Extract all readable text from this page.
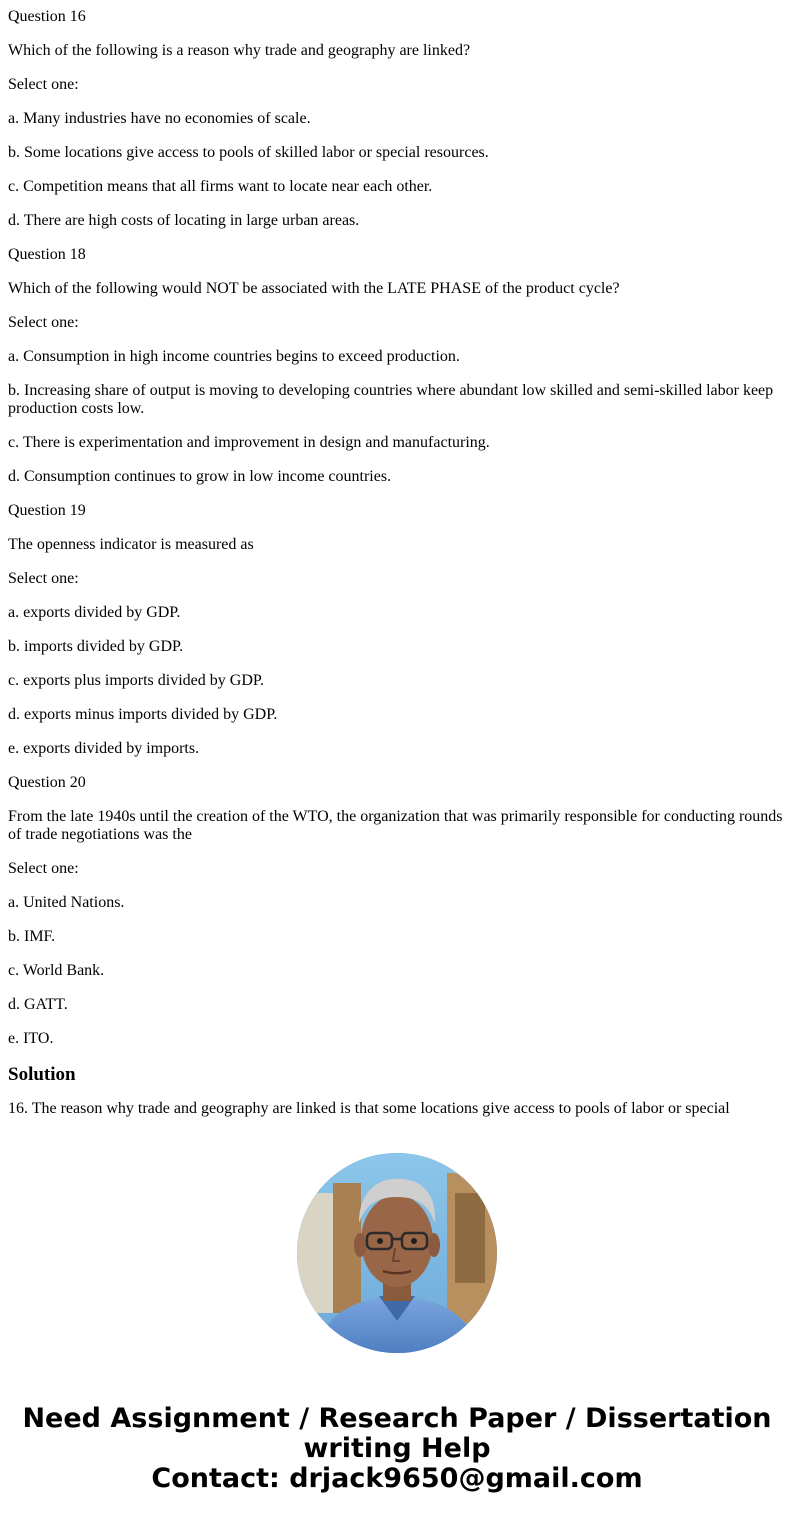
Question 16

Which of the following is a reason why trade and geography are linked?

Select one:

a. Many industries have no economies of scale.

b. Some locations give access to pools of skilled labor or special resources.

c. Competition means that all firms want to locate near each other.

d. There are high costs of locating in large urban areas.

Question 18

Which of the following would NOT be associated with the LATE PHASE of the product cycle?

Select one:

a. Consumption in high income countries begins to exceed production.

b. Increasing share of output is moving to developing countries where abundant low skilled and semi-skilled labor keep production costs low.

c. There is experimentation and improvement in design and manufacturing.

d. Consumption continues to grow in low income countries.

Question 19

The openness indicator is measured as

Select one:

a. exports divided by GDP.

b. imports divided by GDP.

c. exports plus imports divided by GDP.

d. exports minus imports divided by GDP.

e. exports divided by imports.

Question 20

From the late 1940s until the creation of the WTO, the organization that was primarily responsible for conducting rounds of trade negotiations was the

Select one:

a. United Nations.

b. IMF.

c. World Bank.

d. GATT.

e. ITO.

Solution

16. The reason why trade and geography are linked is that some locations give access to pools of labor or special

Need Assignment / Research Paper / Dissertation
writing Help
Contact: drjack9650@gmail.com
